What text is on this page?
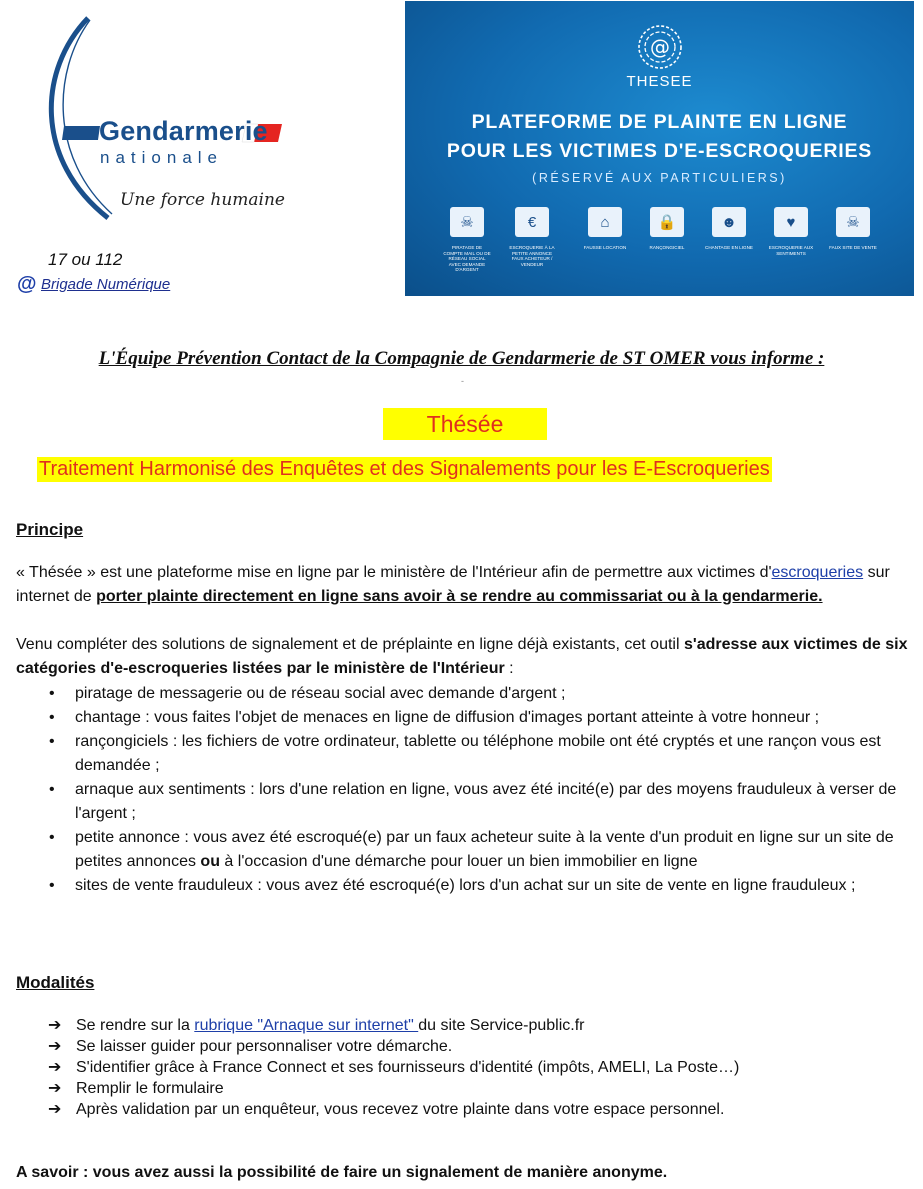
Gendarmerie
nationale
Une force humaine
17 ou 112
@ Brigade Numérique
@
THESEE
PLATEFORME DE PLAINTE EN LIGNE
POUR LES VICTIMES D'E-ESCROQUERIES
(RÉSERVÉ AUX PARTICULIERS)
☠
PIRATAGE DE COMPTE MAIL OU DE RÉSEAU SOCIAL AVEC DEMANDE D'ARGENT
€
ESCROQUERIE À LA PETITE ANNONCE FAUX ACHETEUR / VENDEUR
⌂
FAUSSE LOCATION
🔒
RANÇONGICIEL
☻
CHANTAGE EN LIGNE
♥
ESCROQUERIE AUX SENTIMENTS
☠
FAUX SITE DE VENTE
L'Équipe Prévention Contact de la Compagnie de Gendarmerie de ST OMER vous informe :
-
Thésée
Traitement Harmonisé des Enquêtes et des Signalements pour les E-Escroqueries
Principe
« Thésée » est une plateforme mise en ligne par le ministère de l'Intérieur afin de permettre aux victimes d'escroqueries sur internet de porter plainte directement en ligne sans avoir à se rendre au commissariat ou à la gendarmerie.
Venu compléter des solutions de signalement et de préplainte en ligne déjà existants, cet outil s'adresse aux victimes de six catégories d'e-escroqueries listées par le ministère de l'Intérieur :
• piratage de messagerie ou de réseau social avec demande d'argent ;
• chantage : vous faites l'objet de menaces en ligne de diffusion d'images portant atteinte à votre honneur ;
• rançongiciels : les fichiers de votre ordinateur, tablette ou téléphone mobile ont été cryptés et une rançon vous est demandée ;
• arnaque aux sentiments : lors d'une relation en ligne, vous avez été incité(e) par des moyens frauduleux à verser de l'argent ;
• petite annonce : vous avez été escroqué(e) par un faux acheteur suite à la vente d'un produit en ligne sur un site de petites annonces ou à l'occasion d'une démarche pour louer un bien immobilier en ligne
• sites de vente frauduleux : vous avez été escroqué(e) lors d'un achat sur un site de vente en ligne frauduleux ;
Modalités
➔ Se rendre sur la rubrique "Arnaque sur internet" du site Service-public.fr
➔ Se laisser guider pour personnaliser votre démarche.
➔ S'identifier grâce à France Connect et ses fournisseurs d'identité (impôts, AMELI, La Poste…)
➔ Remplir le formulaire
➔ Après validation par un enquêteur, vous recevez votre plainte dans votre espace personnel.
A savoir : vous avez aussi la possibilité de faire un signalement de manière anonyme.
